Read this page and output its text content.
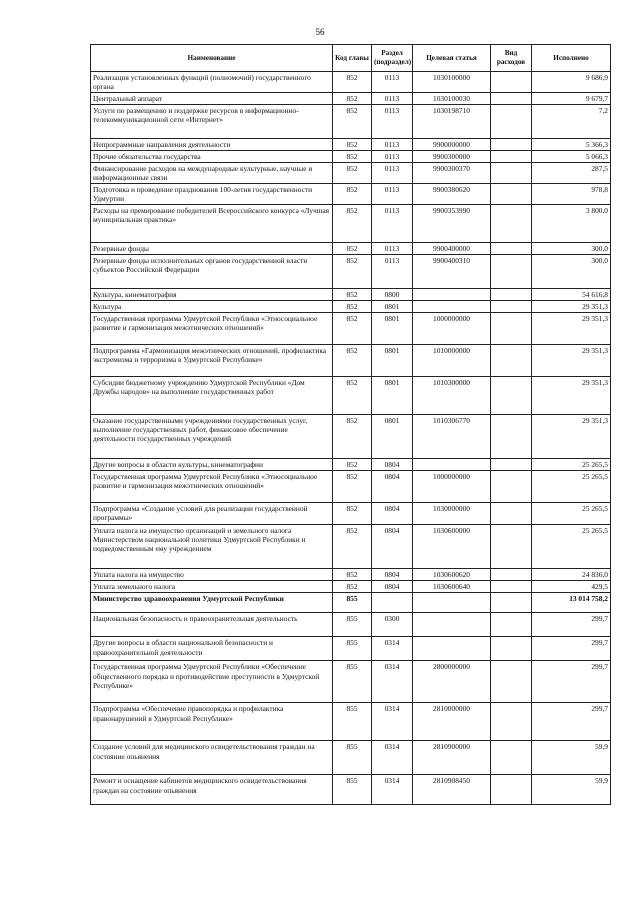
56
Наименование	Код главы	Раздел (подраздел)	Целевая статья	Вид расходов	Исполнено
Реализация установленных функций (полномочий) государственного органа	852	0113	1030100000		9 686,9
Центральный аппарат	852	0113	1030100030		9 679,7
Услуги по размещению и поддержке ресурсов в информационно-телекоммуникационной сети «Интернет»	852	0113	1030198710		7,2
Непрограммные направления деятельности	852	0113	9900000000		5 366,3
Прочие обязательства государства	852	0113	9900300000		5 066,3
Финансирование расходов на международные культурные, научные и информационные связи	852	0113	9900300370		287,5
Подготовка и проведение празднования 100-летия государственности Удмуртии	852	0113	9900380620		978,8
Расходы на премирование победителей Всероссийского конкурса «Лучшая муниципальная практика»	852	0113	9900353990		3 800,0
Резервные фонды	852	0113	9900400000		300,0
Резервные фонды исполнительных органов государственной власти субъектов Российской Федерации	852	0113	9900400310		300,0
Культура, кинематография	852	0800			54 616,8
Культура	852	0801			29 351,3
Государственная программа Удмуртской Республики «Этносоциальное развитие и гармонизация межэтнических отношений»	852	0801	1000000000		29 351,3
Подпрограмма «Гармонизация межэтнических отношений, профилактика экстремизма и терроризма в Удмуртской Республике»	852	0801	1010000000		29 351,3
Субсидии бюджетному учреждению Удмуртской Республики «Дом Дружбы народов» на выполнение государственных работ	852	0801	1010300000		29 351,3
Оказание государственными учреждениями государственных услуг, выполнение государственных работ, финансовое обеспечение деятельности государственных учреждений	852	0801	1010306770		29 351,3
Другие вопросы в области культуры, кинематографии	852	0804			25 265,5
Государственная программа Удмуртской Республики «Этносоциальное развитие и гармонизация межэтнических отношений»	852	0804	1000000000		25 265,5
Подпрограмма «Создание условий для реализации государственной программы»	852	0804	1030000000		25 265,5
Уплата налога на имущество организаций и земельного налога Министерством национальной политики Удмуртской Республики и подведомственным ему учреждением	852	0804	1030600000		25 265,5
Уплата налога на имущество	852	0804	1030600620		24 836,0
Уплата земельного налога	852	0804	1030600640		429,5
Министерство здравоохранения Удмуртской Республики	855				13 014 758,2
Национальная безопасность и правоохранительная деятельность	855	0300			299,7
Другие вопросы в области национальной безопасности и правоохранительной деятельности	855	0314			299,7
Государственная программа Удмуртской Республики «Обеспечение общественного порядка и противодействие преступности в Удмуртской Республике»	855	0314	2800000000		299,7
Подпрограмма «Обеспечение правопорядка и профилактика правонарушений в Удмуртской Республике»	855	0314	2810000000		299,7
Создание условий для медицинского освидетельствования граждан на состояние опьянения	855	0314	2810900000		59,9
Ремонт и оснащение кабинетов медицинского освидетельствования граждан на состояние опьянения	855	0314	2810908450		59,9
